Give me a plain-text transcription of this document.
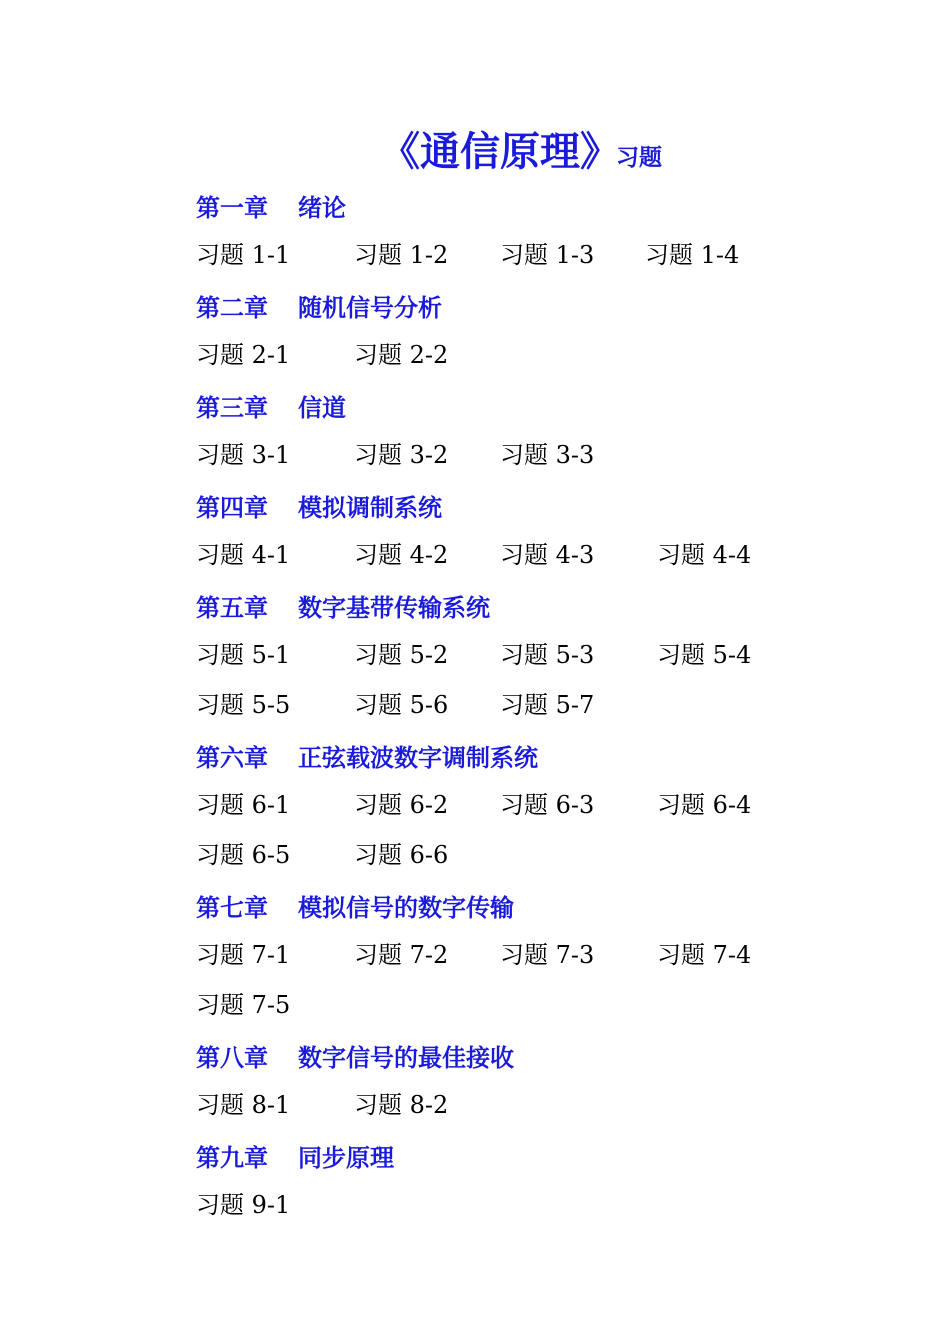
《通信原理》
习题
第一章	绪论
习题 1-1	习题 1-2 习题 1-3 习题 1-4
第二章	随机信号分析
习题 2-1	习题 2-2
第三章	信道
习题 3-1	习题 3-2 习题 3-3
第四章	模拟调制系统
习题 4-1	习题 4-2 习题 4-3	习题 4-4
第五章	数字基带传输系统
习题 5-1	习题 5-2 习题 5-3	习题 5-4
习题 5-5	习题 5-6 习题 5-7
第六章	正弦载波数字调制系统
习题 6-1	习题 6-2 习题 6-3	习题 6-4
习题 6-5	习题 6-6
第七章	模拟信号的数字传输
习题 7-1	习题 7-2 习题 7-3	习题 7-4
习题 7-5
第八章	数字信号的最佳接收
习题 8-1	习题 8-2
第九章	同步原理
习题 9-1
